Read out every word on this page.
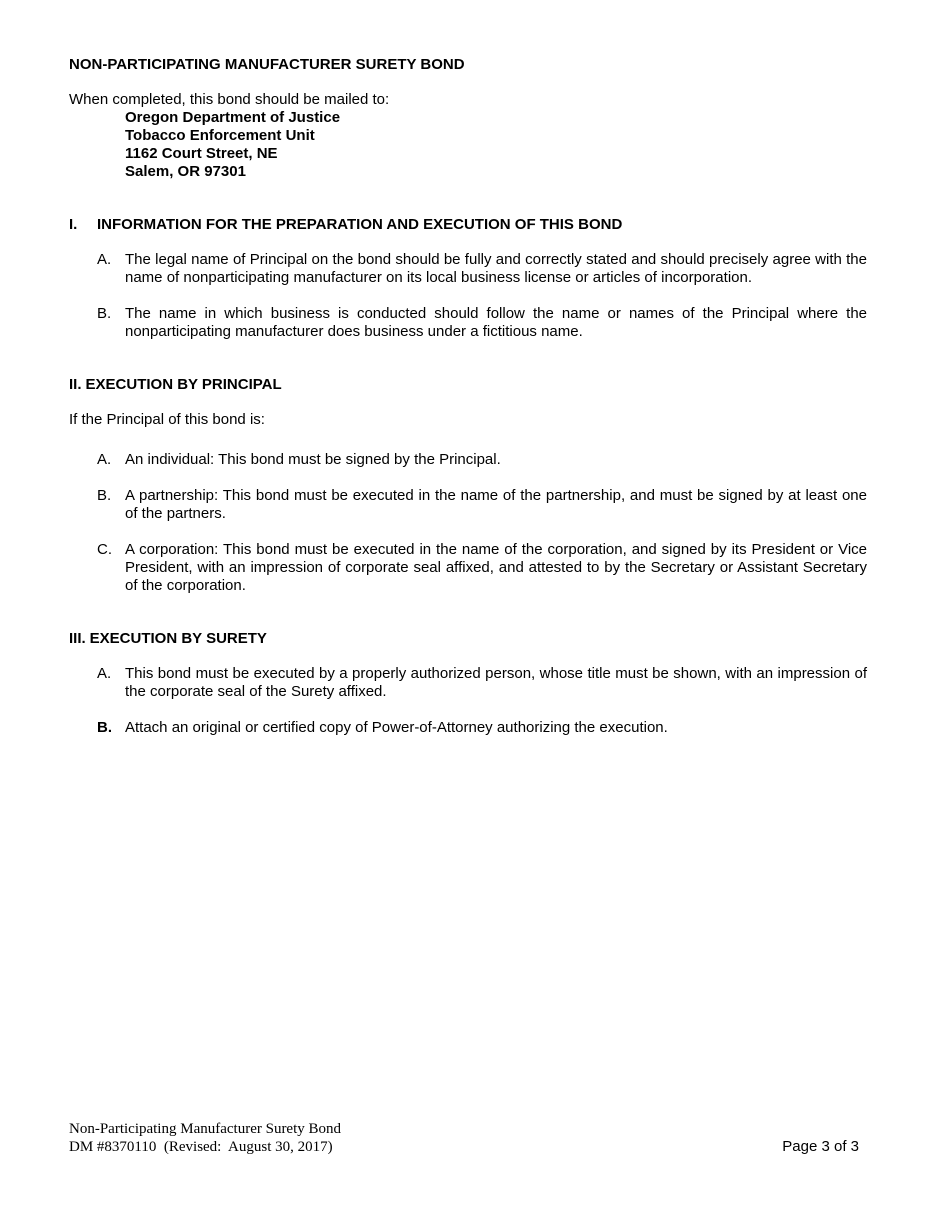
NON-PARTICIPATING MANUFACTURER SURETY BOND
When completed, this bond should be mailed to:
Oregon Department of Justice
Tobacco Enforcement Unit
1162 Court Street, NE
Salem, OR 97301
I.	INFORMATION FOR THE PREPARATION AND EXECUTION OF THIS BOND
A. The legal name of Principal on the bond should be fully and correctly stated and should precisely agree with the name of nonparticipating manufacturer on its local business license or articles of incorporation.
B. The name in which business is conducted should follow the name or names of the Principal where the nonparticipating manufacturer does business under a fictitious name.
II. EXECUTION BY PRINCIPAL
If the Principal of this bond is:
A. An individual: This bond must be signed by the Principal.
B. A partnership: This bond must be executed in the name of the partnership, and must be signed by at least one of the partners.
C. A corporation: This bond must be executed in the name of the corporation, and signed by its President or Vice President, with an impression of corporate seal affixed, and attested to by the Secretary or Assistant Secretary of the corporation.
III. EXECUTION BY SURETY
A. This bond must be executed by a properly authorized person, whose title must be shown, with an impression of the corporate seal of the Surety affixed.
B. Attach an original or certified copy of Power-of-Attorney authorizing the execution.
Non-Participating Manufacturer Surety Bond
DM #8370110  (Revised:  August 30, 2017)	Page 3 of 3
